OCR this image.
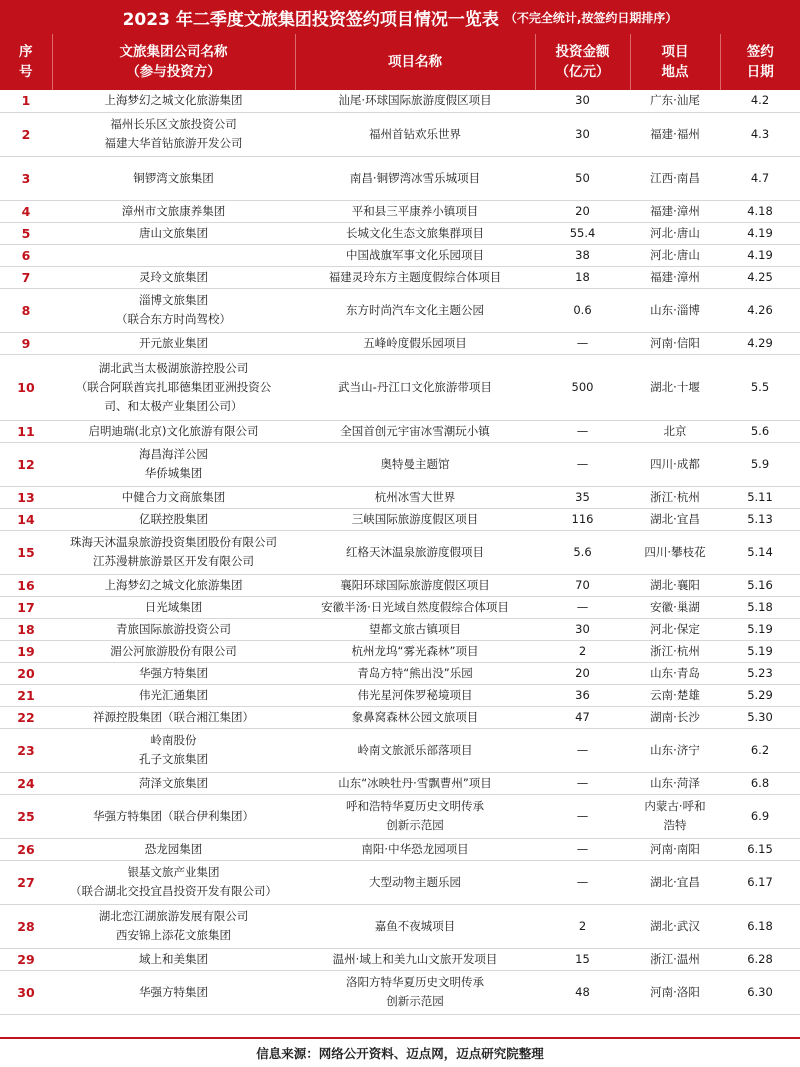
2023 年二季度文旅集团投资签约项目情况一览表 （不完全统计,按签约日期排序）
序
号	文旅集团公司名称
（参与投资方）	项目名称	投资金额
（亿元）	项目
地点	签约
日期

1	上海梦幻之城文化旅游集团	汕尾·环球国际旅游度假区项目	30	广东·汕尾	4.2
2	福州长乐区文旅投资公司
福建大华首钻旅游开发公司	福州首钻欢乐世界	30	福建·福州	4.3
3	铜锣湾文旅集团	南昌·铜锣湾冰雪乐城项目	50	江西·南昌	4.7
4	漳州市文旅康养集团	平和县三平康养小镇项目	20	福建·漳州	4.18
5	唐山文旅集团	长城文化生态文旅集群项目	55.4	河北·唐山	4.19
6		中国战旗军事文化乐园项目	38	河北·唐山	4.19
7	灵玲文旅集团	福建灵玲东方主题度假综合体项目	18	福建·漳州	4.25
8	淄博文旅集团
（联合东方时尚驾校）	东方时尚汽车文化主题公园	0.6	山东·淄博	4.26
9	开元旅业集团	五峰岭度假乐园项目	—	河南·信阳	4.29
10	湖北武当太极湖旅游控股公司
（联合阿联酋宾扎耶德集团亚洲投资公
司、和太极产业集团公司）	武当山-丹江口文化旅游带项目	500	湖北·十堰	5.5
11	启明迪瑞(北京)文化旅游有限公司	全国首创元宇宙冰雪潮玩小镇	—	北京	5.6
12	海昌海洋公园
华侨城集团	奥特曼主题馆	—	四川·成都	5.9
13	中健合力文商旅集团	杭州冰雪大世界	35	浙江·杭州	5.11
14	亿联控股集团	三峡国际旅游度假区项目	116	湖北·宜昌	5.13
15	珠海天沐温泉旅游投资集团股份有限公司
江苏漫耕旅游景区开发有限公司	红格天沐温泉旅游度假项目	5.6	四川·攀枝花	5.14
16	上海梦幻之城文化旅游集团	襄阳环球国际旅游度假区项目	70	湖北·襄阳	5.16
17	日光域集团	安徽半汤·日光域自然度假综合体项目	—	安徽·巢湖	5.18
18	青旅国际旅游投资公司	望都文旅古镇项目	30	河北·保定	5.19
19	湄公河旅游股份有限公司	杭州龙坞“雾光森林”项目	2	浙江·杭州	5.19
20	华强方特集团	青岛方特“熊出没”乐园	20	山东·青岛	5.23
21	伟光汇通集团	伟光星河侏罗秘境项目	36	云南·楚雄	5.29
22	祥源控股集团（联合湘江集团）	象鼻窝森林公园文旅项目	47	湖南·长沙	5.30
23	岭南股份
孔子文旅集团	岭南文旅派乐部落项目	—	山东·济宁	6.2
24	菏泽文旅集团	山东“冰映牡丹·雪飘曹州”项目	—	山东·菏泽	6.8
25	华强方特集团（联合伊利集团）	呼和浩特华夏历史文明传承
创新示范园	—	内蒙古·呼和
浩特	6.9
26	恐龙园集团	南阳·中华恐龙园项目	—	河南·南阳	6.15
27	银基文旅产业集团
（联合湖北交投宜昌投资开发有限公司）	大型动物主题乐园	—	湖北·宜昌	6.17
28	湖北恋江湖旅游发展有限公司
西安锦上添花文旅集团	嘉鱼不夜城项目	2	湖北·武汉	6.18
29	域上和美集团	温州·域上和美九山文旅开发项目	15	浙江·温州	6.28
30	华强方特集团	洛阳方特华夏历史文明传承
创新示范园	48	河南·洛阳	6.30
信息来源：网络公开资料、迈点网，迈点研究院整理
